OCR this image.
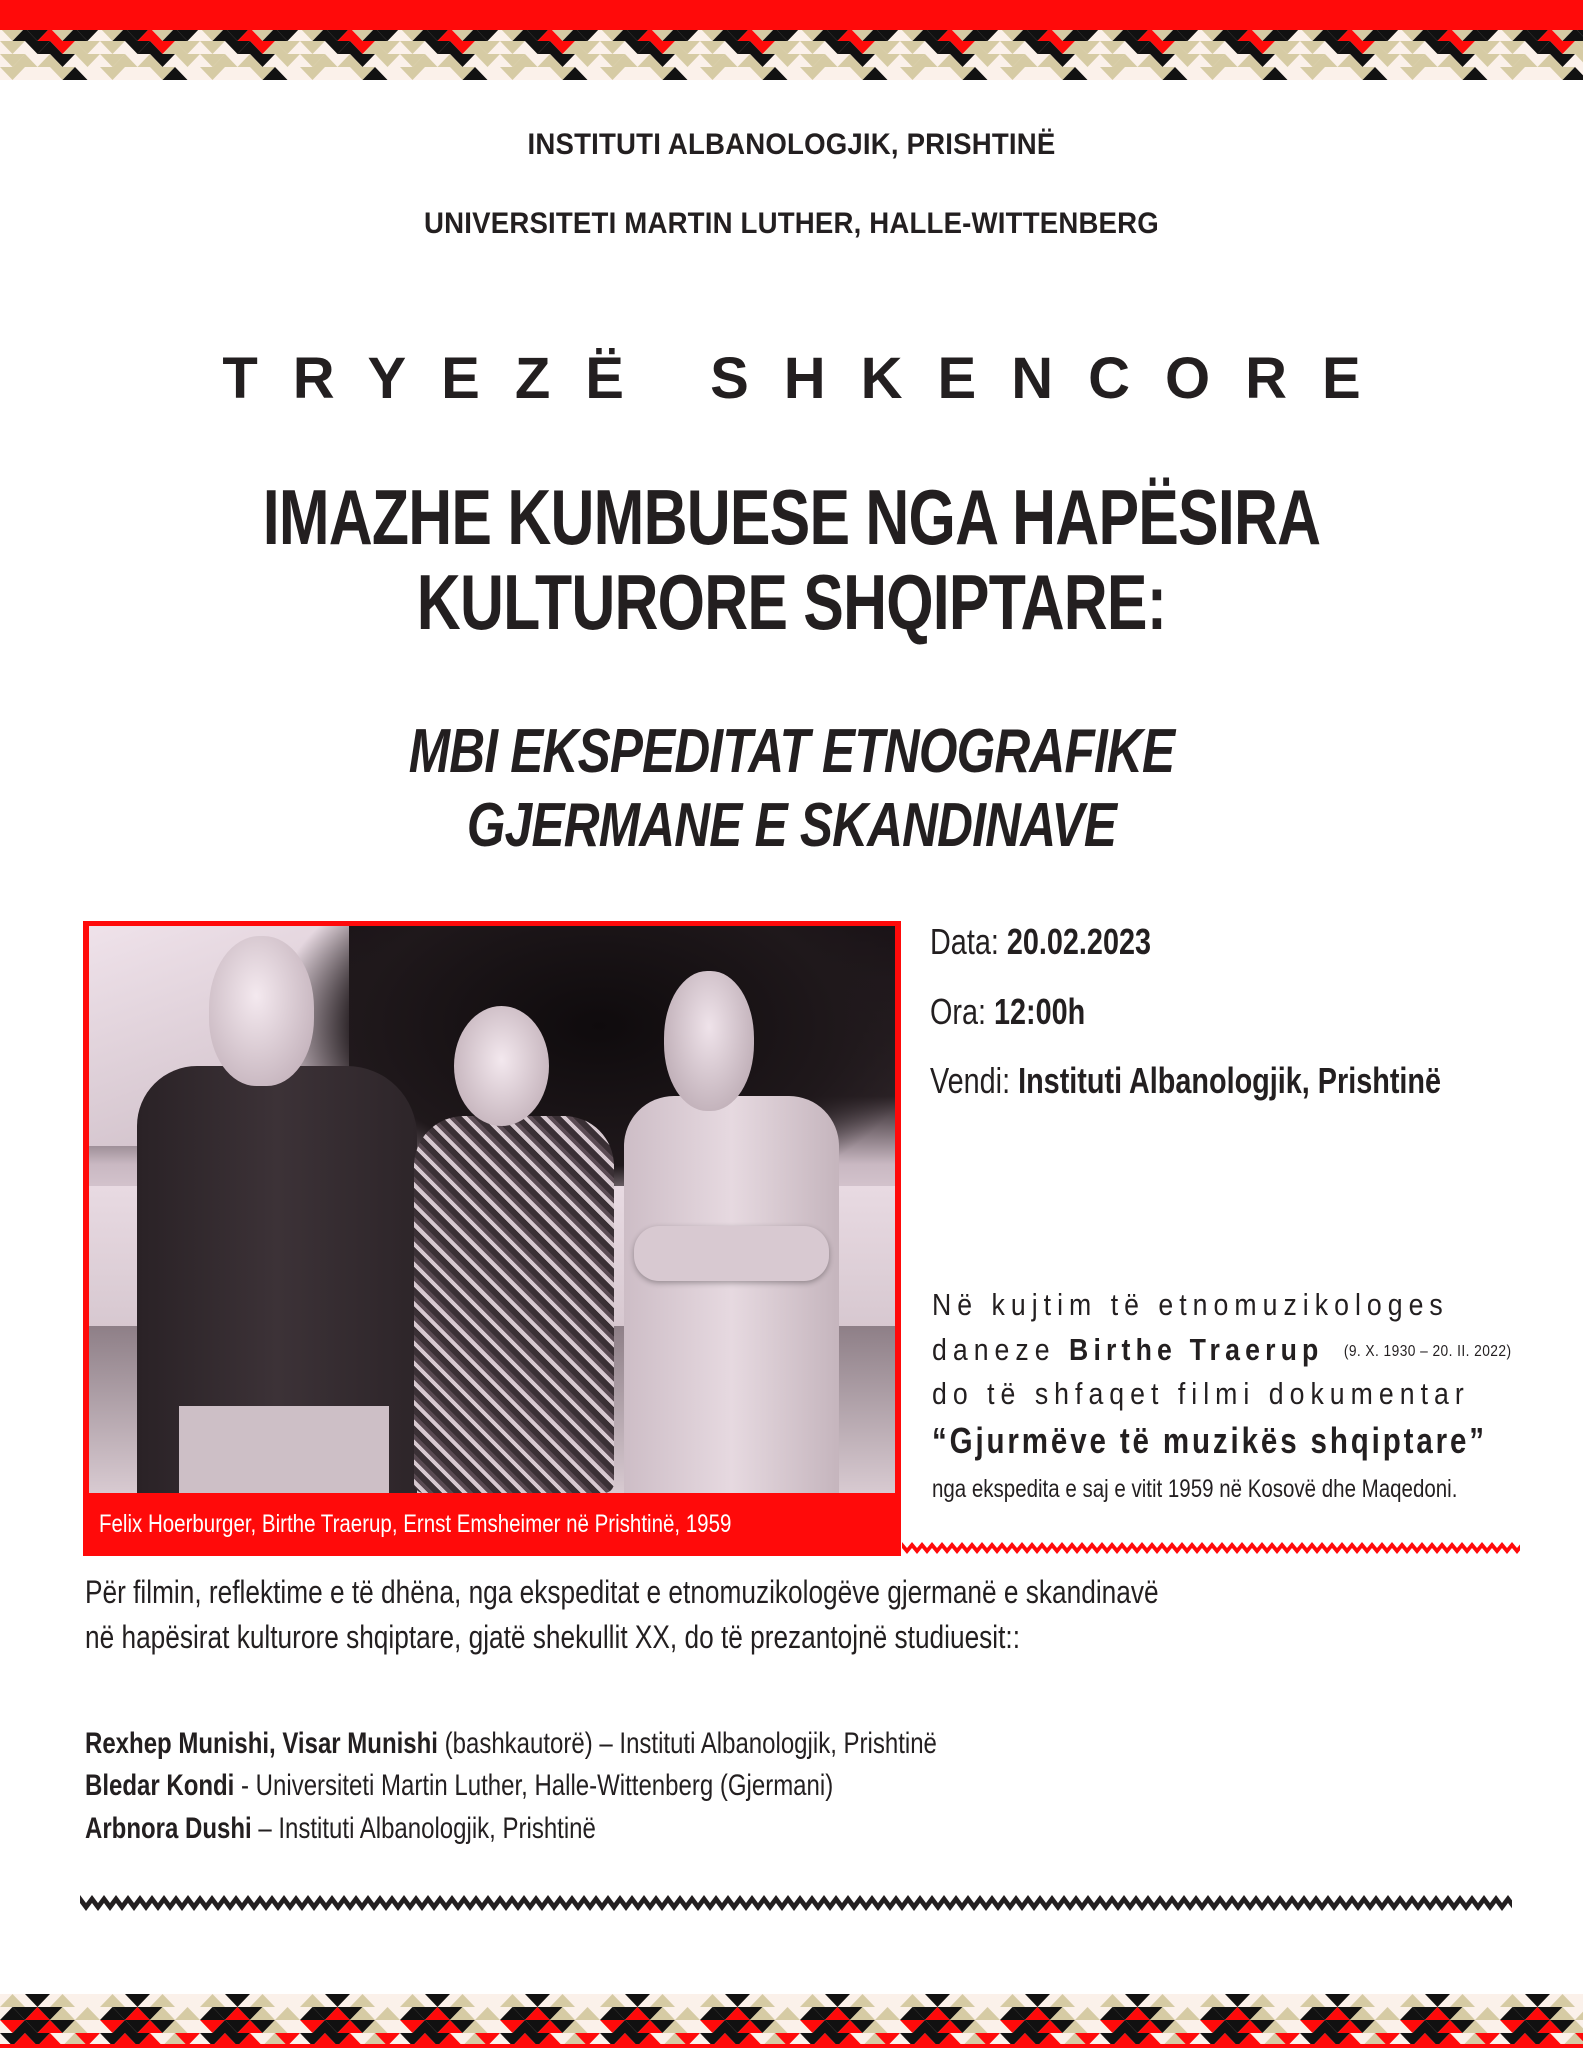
INSTITUTI ALBANOLOGJIK, PRISHTINË
UNIVERSITETI MARTIN LUTHER, HALLE-WITTENBERG
TRYEZË SHKENCORE
IMAZHE KUMBUESE NGA HAPËSIRA
KULTURORE SHQIPTARE:
MBI EKSPEDITAT ETNOGRAFIKE
GJERMANE E SKANDINAVE
Felix Hoerburger, Birthe Traerup, Ernst Emsheimer në Prishtinë, 1959
Data: 20.02.2023
Ora: 12:00h
Vendi: Instituti Albanologjik, Prishtinë
Në kujtim të etnomuzikologes
daneze Birthe Traerup (9. X. 1930 – 20. II. 2022)
do të shfaqet filmi dokumentar
“Gjurmëve të muzikës shqiptare”
nga ekspedita e saj e vitit 1959 në Kosovë dhe Maqedoni.
Për filmin, reflektime e të dhëna, nga ekspeditat e etnomuzikologëve gjermanë e skandinavë
në hapësirat kulturore shqiptare, gjatë shekullit XX, do të prezantojnë studiuesit::
Rexhep Munishi, Visar Munishi (bashkautorë) – Instituti Albanologjik, Prishtinë
Bledar Kondi - Universiteti Martin Luther, Halle-Wittenberg (Gjermani)
Arbnora Dushi – Instituti Albanologjik, Prishtinë
